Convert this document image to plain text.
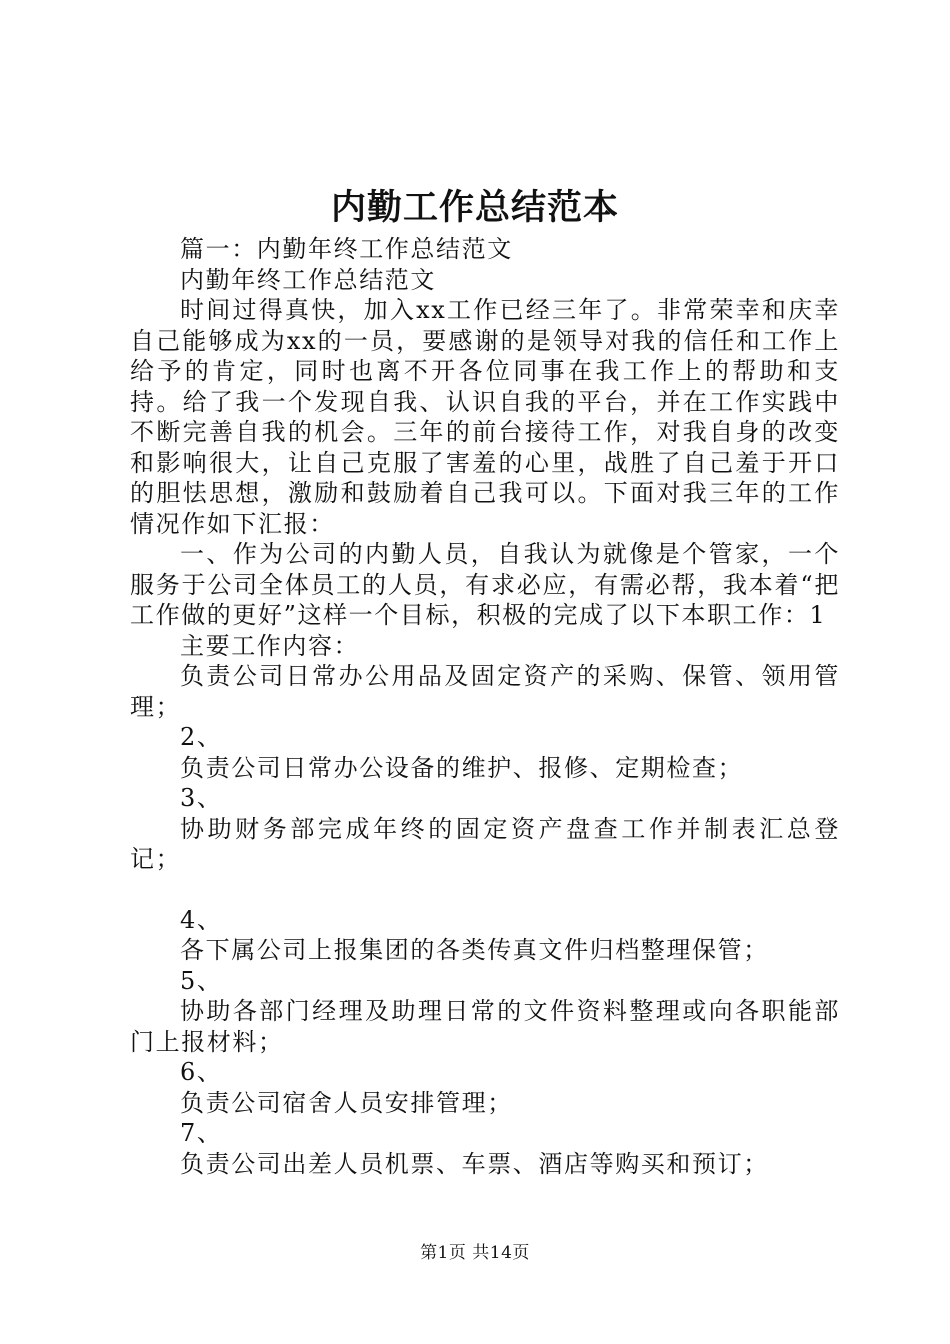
内勤工作总结范本

篇一：内勤年终工作总结范文

内勤年终工作总结范文

时间过得真快，加入xx工作已经三年了。非常荣幸和庆幸自己能够成为xx的一员，要感谢的是领导对我的信任和工作上给予的肯定，同时也离不开各位同事在我工作上的帮助和支持。给了我一个发现自我、认识自我的平台，并在工作实践中不断完善自我的机会。三年的前台接待工作，对我自身的改变和影响很大，让自己克服了害羞的心里，战胜了自己羞于开口的胆怯思想，激励和鼓励着自己我可以。下面对我三年的工作情况作如下汇报：

一、作为公司的内勤人员，自我认为就像是个管家，一个服务于公司全体员工的人员，有求必应，有需必帮，我本着“把工作做的更好”这样一个目标，积极的完成了以下本职工作：1

主要工作内容：

负责公司日常办公用品及固定资产的采购、保管、领用管理；

2、

负责公司日常办公设备的维护、报修、定期检查；

3、

协助财务部完成年终的固定资产盘查工作并制表汇总登记；

4、

各下属公司上报集团的各类传真文件归档整理保管；

5、

协助各部门经理及助理日常的文件资料整理或向各职能部门上报材料；

6、

负责公司宿舍人员安排管理；

7、

负责公司出差人员机票、车票、酒店等购买和预订；

第1页 共14页
